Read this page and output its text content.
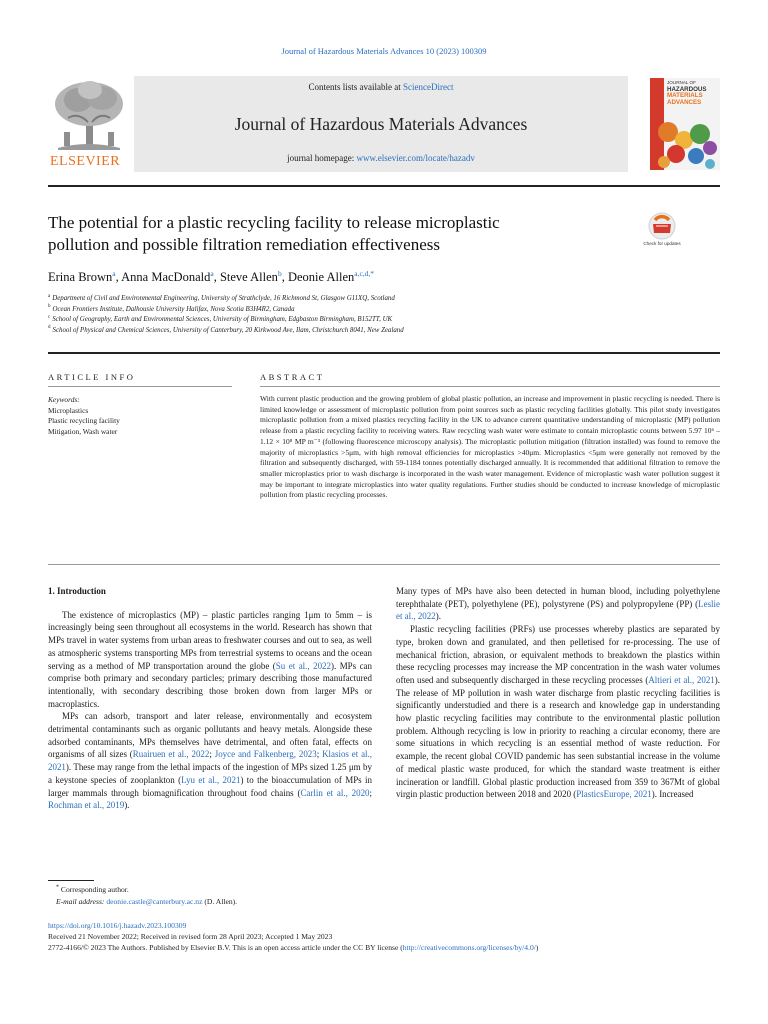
Journal of Hazardous Materials Advances 10 (2023) 100309
ELSEVIER
Contents lists available at ScienceDirect
Journal of Hazardous Materials Advances
journal homepage: www.elsevier.com/locate/hazadv
JOURNAL OF
HAZARDOUS
MATERIALS
ADVANCES
The potential for a plastic recycling facility to release microplastic
pollution and possible filtration remediation effectiveness	Check for updates
Erina Brown$^a$, Anna MacDonald$^a$, Steve Allen$^b$, Deonie Allen$^{a,c,d,*}$
$^a$ Department of Civil and Environmental Engineering, University of Strathclyde, 16 Richmond St, Glasgow G11XQ, Scotland
$^b$ Ocean Frontiers Institute, Dalhousie University Halifax, Nova Scotia B3H4R2, Canada
$^c$ School of Geography, Earth and Environmental Sciences, University of Birmingham, Edgbaston Birmingham, B152TT, UK
$^d$ School of Physical and Chemical Sciences, University of Canterbury, 20 Kirkwood Ave, Ilam, Christchurch 8041, New Zealand
ARTICLE INFO
Keywords:
Microplastics
Plastic recycling facility
Mitigation, Wash water
ABSTRACT
With current plastic production and the growing problem of global plastic pollution, an increase and improvement in plastic recycling is needed. There is limited knowledge or assessment of microplastic pollution from point sources such as plastic recycling facilities globally. This pilot study investigates microplastic pollution from a mixed plastics recycling facility in the UK to advance current quantitative understanding of microplastic (MP) pollution release from a plastic recycling facility to receiving waters. Raw recycling wash water were estimate to contain microplastic counts between 5.97 10⁶ – 1.12 × 10⁸ MP m⁻³ (following fluorescence microscopy analysis). The microplastic pollution mitigation (filtration installed) was found to remove the majority of microplastics >5μm, with high removal efficiencies for microplastics >40μm. Microplastics <5μm were generally not removed by the filtration and subsequently discharged, with 59-1184 tonnes potentially discharged annually. It is recommended that additional filtration to remove the smaller microplastics prior to wash discharge is incorporated in the wash water management. Evidence of microplastic wash water pollution suggest it may be important to integrate microplastics into water quality regulations. Further studies should be conducted to increase knowledge of microplastic pollution from plastic recycling processes.
1. Introduction

The existence of microplastics (MP) – plastic particles ranging 1μm to 5mm – is increasingly being seen throughout all ecosystems in the world. Research has shown that MPs travel in water systems from urban areas to freshwater courses and out to sea, as well as atmospheric systems transporting MPs from terrestrial systems to oceans and the ocean serving as a method of MP transportation around the globe (Su et al., 2022). MPs can comprise both primary and secondary particles; primary describing those manufactured intentionally, with secondary describing those broken down from larger MPs or macroplastics.

MPs can adsorb, transport and later release, environmentally and ecosystem detrimental contaminants such as organic pollutants and heavy metals. Alongside these adsorbed contaminants, MPs themselves have detrimental, and often fatal, effects on organisms of all sizes (Ruairuen et al., 2022; Joyce and Falkenberg, 2023; Klasios et al., 2021). These may range from the lethal impacts of the ingestion of MPs sized 1.25 μm by a keystone species of zooplankton (Lyu et al., 2021) to the bioaccumulation of MPs in larger mammals through biomagnification throughout food chains (Carlin et al., 2020; Rochman et al., 2019).

Many types of MPs have also been detected in human blood, including polyethylene terephthalate (PET), polyethylene (PE), polystyrene (PS) and polypropylene (PP) (Leslie et al., 2022).

Plastic recycling facilities (PRFs) use processes whereby plastics are separated by type, broken down and granulated, and then pelletised for re-processing. The use of mechanical friction, abrasion, or equivalent methods to breakdown the plastics within these recycling processes may increase the MP concentration in the wash water volumes often used and subsequently discharged in these recycling processes (Altieri et al., 2021). The release of MP pollution in wash water discharge from plastic recycling facilities is significantly understudied and there is a research and knowledge gap in understanding how plastic recycling facilities may contribute to the environmental plastic pollution problem. Although recycling is low in priority to reaching a circular economy, there are some situations in which recycling is an essential method of waste reduction. For example, the recent global COVID pandemic has seen substantial increase in the volume of medical plastic waste produced, for which the standard waste treatment is either incineration or landfill. Global plastic production increased from 359 to 367Mt of global virgin plastic production between 2018 and 2020 (PlasticsEurope, 2021). Increased

* Corresponding author.
E-mail address: deonie.castle@canterbury.ac.nz (D. Allen).
https://doi.org/10.1016/j.hazadv.2023.100309
Received 21 November 2022; Received in revised form 28 April 2023; Accepted 1 May 2023
2772-4166/© 2023 The Authors. Published by Elsevier B.V. This is an open access article under the CC BY license (http://creativecommons.org/licenses/by/4.0/)
